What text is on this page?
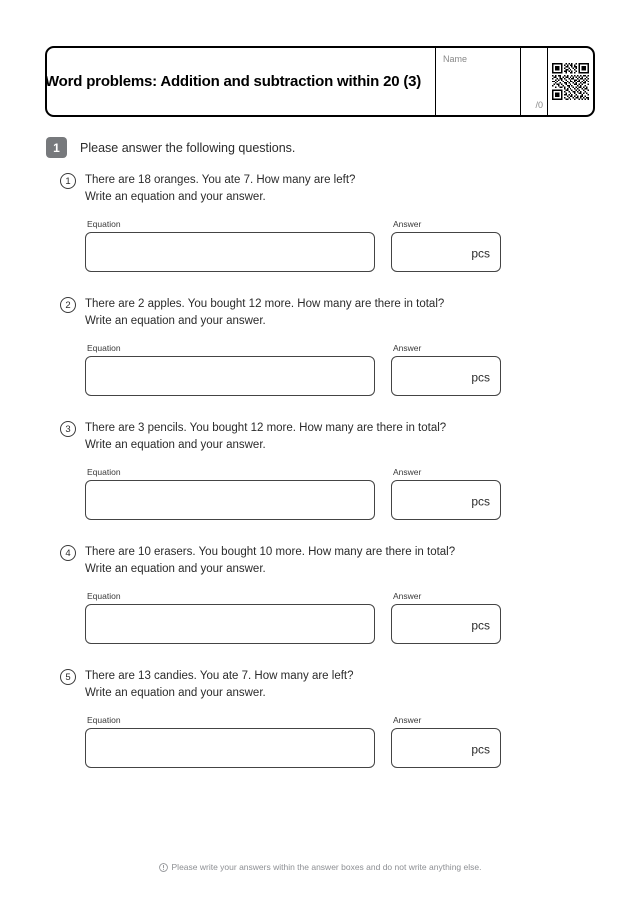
Word problems: Addition and subtraction within 20 (3)
Name
/0
1	Please answer the following questions.
1	There are 18 oranges. You ate 7. How many are left?
Write an equation and your answer.
Equation	Answer
pcs
2	There are 2 apples. You bought 12 more. How many are there in total?
Write an equation and your answer.
Equation	Answer
pcs
3	There are 3 pencils. You bought 12 more. How many are there in total?
Write an equation and your answer.
Equation	Answer
pcs
4	There are 10 erasers. You bought 10 more. How many are there in total?
Write an equation and your answer.
Equation	Answer
pcs
5	There are 13 candies. You ate 7. How many are left?
Write an equation and your answer.
Equation	Answer
pcs
Please write your answers within the answer boxes and do not write anything else.
